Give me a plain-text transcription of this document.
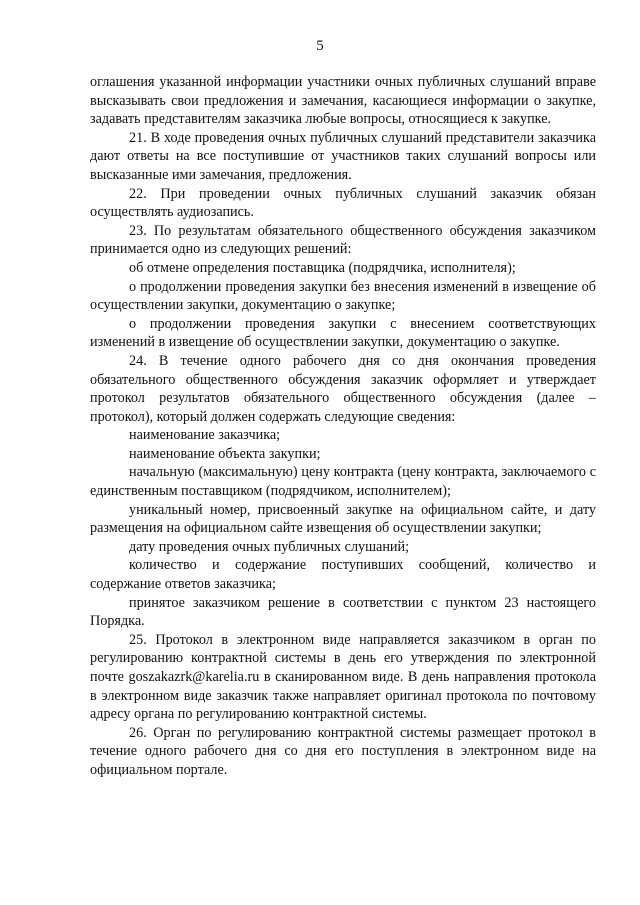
5

оглашения указанной информации участники очных публичных слушаний вправе высказывать свои предложения и замечания, касающиеся информации о закупке, задавать представителям заказчика любые вопросы, относящиеся к закупке.

21. В ходе проведения очных публичных слушаний представители заказчика дают ответы на все поступившие от участников таких слушаний вопросы или высказанные ими замечания, предложения.

22. При проведении очных публичных слушаний заказчик обязан осуществлять аудиозапись.

23. По результатам обязательного общественного обсуждения заказчиком принимается одно из следующих решений:

об отмене определения поставщика (подрядчика, исполнителя);

о продолжении проведения закупки без внесения изменений в извещение об осуществлении закупки, документацию о закупке;

о продолжении проведения закупки с внесением соответствующих изменений в извещение об осуществлении закупки, документацию о закупке.

24. В течение одного рабочего дня со дня окончания проведения обязательного общественного обсуждения заказчик оформляет и утверждает протокол результатов обязательного общественного обсуждения (далее – протокол), который должен содержать следующие сведения:

наименование заказчика;

наименование объекта закупки;

начальную (максимальную) цену контракта (цену контракта, заключаемого с единственным поставщиком (подрядчиком, исполнителем);

уникальный номер, присвоенный закупке на официальном сайте, и дату размещения на официальном сайте извещения об осуществлении закупки;

дату проведения очных публичных слушаний;

количество и содержание поступивших сообщений, количество и содержание ответов заказчика;

принятое заказчиком решение в соответствии с пунктом 23 настоящего Порядка.

25. Протокол в электронном виде направляется заказчиком в орган по регулированию контрактной системы в день его утверждения по электронной почте goszakazrk@karelia.ru в сканированном виде. В день направления протокола в электронном виде заказчик также направляет оригинал протокола по почтовому адресу органа по регулированию контрактной системы.

26. Орган по регулированию контрактной системы размещает протокол в течение одного рабочего дня со дня его поступления в электронном виде на официальном портале.
